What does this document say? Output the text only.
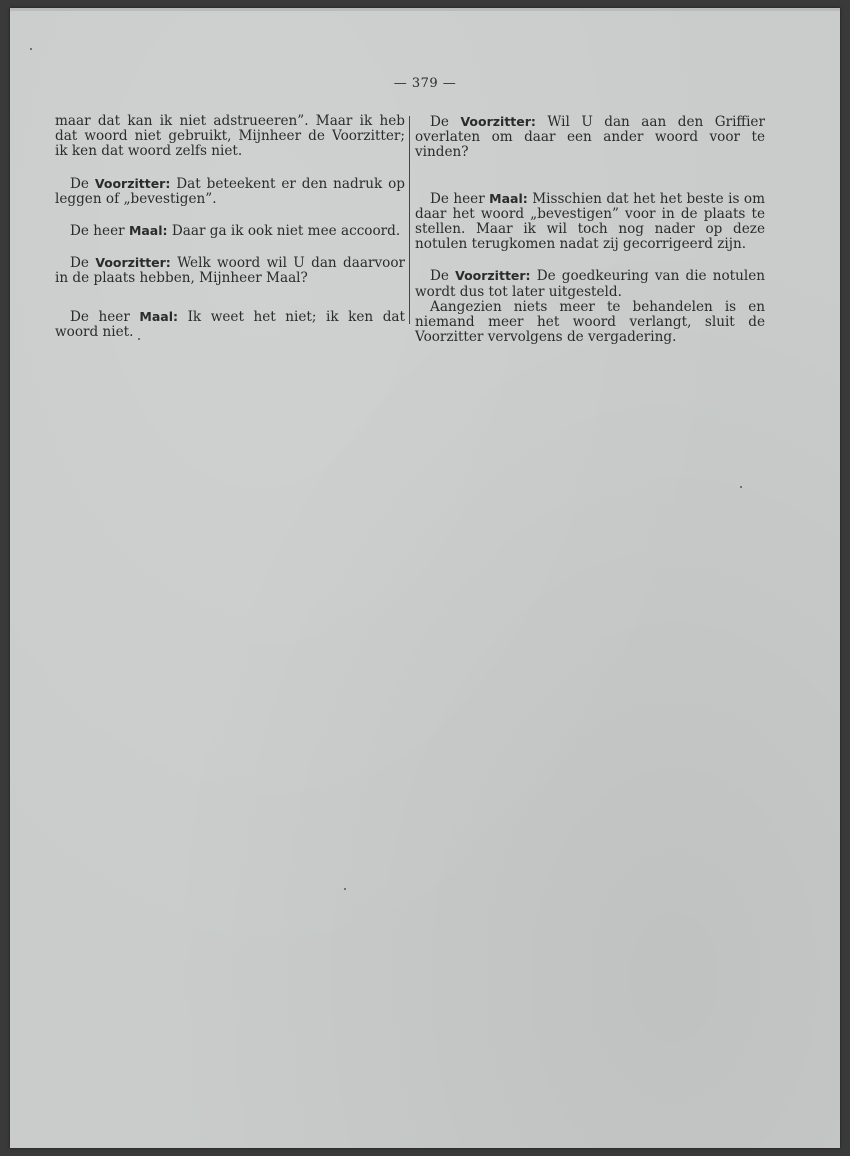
— 379 —

maar dat kan ik niet adstrueeren”. Maar ik heb dat woord niet gebruikt, Mijnheer de Voorzitter; ik ken dat woord zelfs niet.

De Voorzitter: Dat beteekent er den nadruk op leggen of „bevestigen”.

De heer Maal: Daar ga ik ook niet mee accoord.

De Voorzitter: Welk woord wil U dan daarvoor in de plaats hebben, Mijnheer Maal?

De heer Maal: Ik weet het niet; ik ken dat woord niet.

De Voorzitter: Wil U dan aan den Griffier overlaten om daar een ander woord voor te vinden?

De heer Maal: Misschien dat het het beste is om daar het woord „bevestigen” voor in de plaats te stellen. Maar ik wil toch nog nader op deze notulen terugkomen nadat zij gecorrigeerd zijn.

De Voorzitter: De goedkeuring van die notulen wordt dus tot later uitgesteld.

Aangezien niets meer te behandelen is en niemand meer het woord verlangt, sluit de Voorzitter vervolgens de vergadering.
